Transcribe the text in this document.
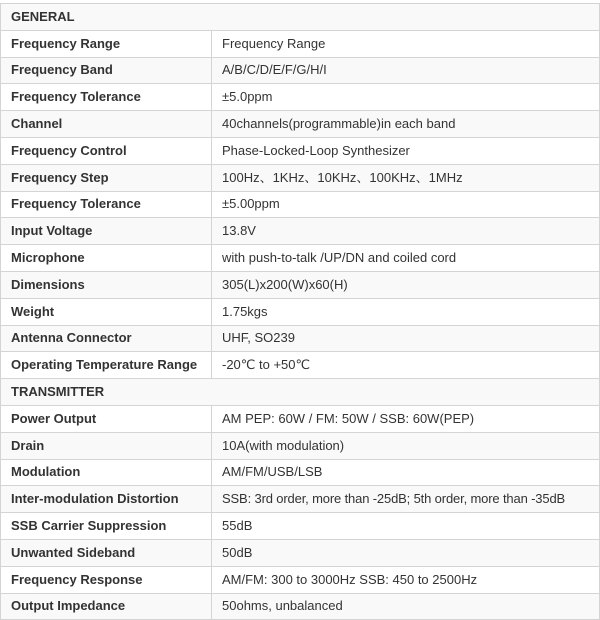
GENERAL	
Frequency Range	Frequency Range
Frequency Band	A/B/C/D/E/F/G/H/I
Frequency Tolerance	±5.0ppm
Channel	40channels(programmable)in each band
Frequency Control	Phase-Locked-Loop Synthesizer
Frequency Step	100Hz、1KHz、10KHz、100KHz、1MHz
Frequency Tolerance	±5.00ppm
Input Voltage	13.8V
Microphone	with push-to-talk /UP/DN and coiled cord
Dimensions	305(L)x200(W)x60(H)
Weight	1.75kgs
Antenna Connector	UHF, SO239
Operating Temperature Range	-20℃ to +50℃
TRANSMITTER	
Power Output	AM PEP: 60W / FM: 50W / SSB: 60W(PEP)
Drain	10A(with modulation)
Modulation	AM/FM/USB/LSB
Inter-modulation Distortion	SSB: 3rd order, more than -25dB; 5th order, more than -35dB
SSB Carrier Suppression	55dB
Unwanted Sideband	50dB
Frequency Response	AM/FM: 300 to 3000Hz SSB: 450 to 2500Hz
Output Impedance	50ohms, unbalanced
